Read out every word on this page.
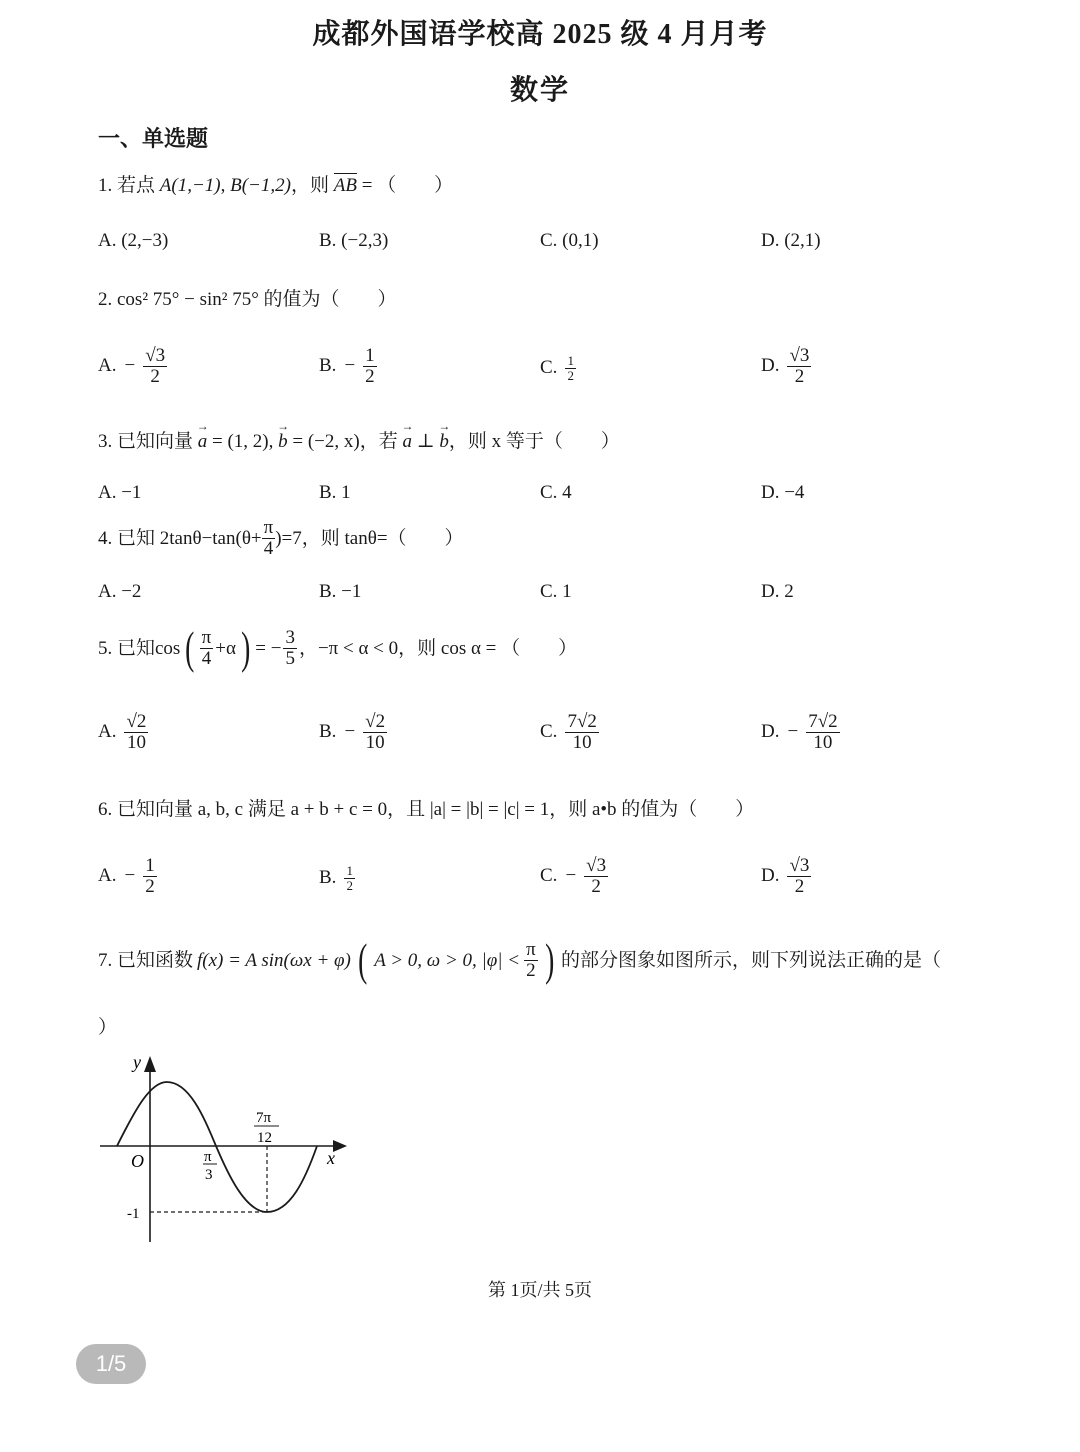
成都外国语学校高 2025 级 4 月月考
数学
一、单选题
1. 若点 A(1,−1), B(−1,2)，则 AB = （　　）
A. (2,−3)	B. (−2,3)	C. (0,1)	D. (2,1)
2. cos² 75° − sin² 75° 的值为（　　）
A. − $\frac{√3}{2}$	B. − $\frac{1}{2}$	C. $\frac{1}{2}$	D. $\frac{√3}{2}$
3. 已知向量 → a = (1, 2), → b = (−2, x)，若 → a ⊥ → b，则 x 等于（　　）
A. −1	B. 1	C. 4	D. −4
4. 已知 $2\tan\theta-\tan(\theta+ \frac{\pi}{4} )=7$，则 tanθ=（　　）
A. −2	B. −1	C. 1	D. 2
5. 已知cos ( $\frac{\pi}{4} +\alpha$ ) = − $\frac{3}{5}$ ，−π < α < 0，则 cos α = （　　）
A. $\frac{√2}{10}$	B. − $\frac{√2}{10}$	C. $\frac{7√2}{10}$	D. − $\frac{7√2}{10}$
6. 已知向量 a, b, c 满足 a + b + c = 0，且 |a| = |b| = |c| = 1，则 a•b 的值为（　　）
A. − $\frac{1}{2}$	B. $\frac{1}{2}$	C. − $\frac{√3}{2}$	D. $\frac{√3}{2}$
7. 已知函数 f(x) = A sin(ωx + φ) ( A > 0, ω > 0, $|\varphi| < \frac{\pi}{2}$ ) 的部分图象如图所示，则下列说法正确的是（
）
y
x
O	π
3
7π
12
-1
第 1页/共 5页
1/5
